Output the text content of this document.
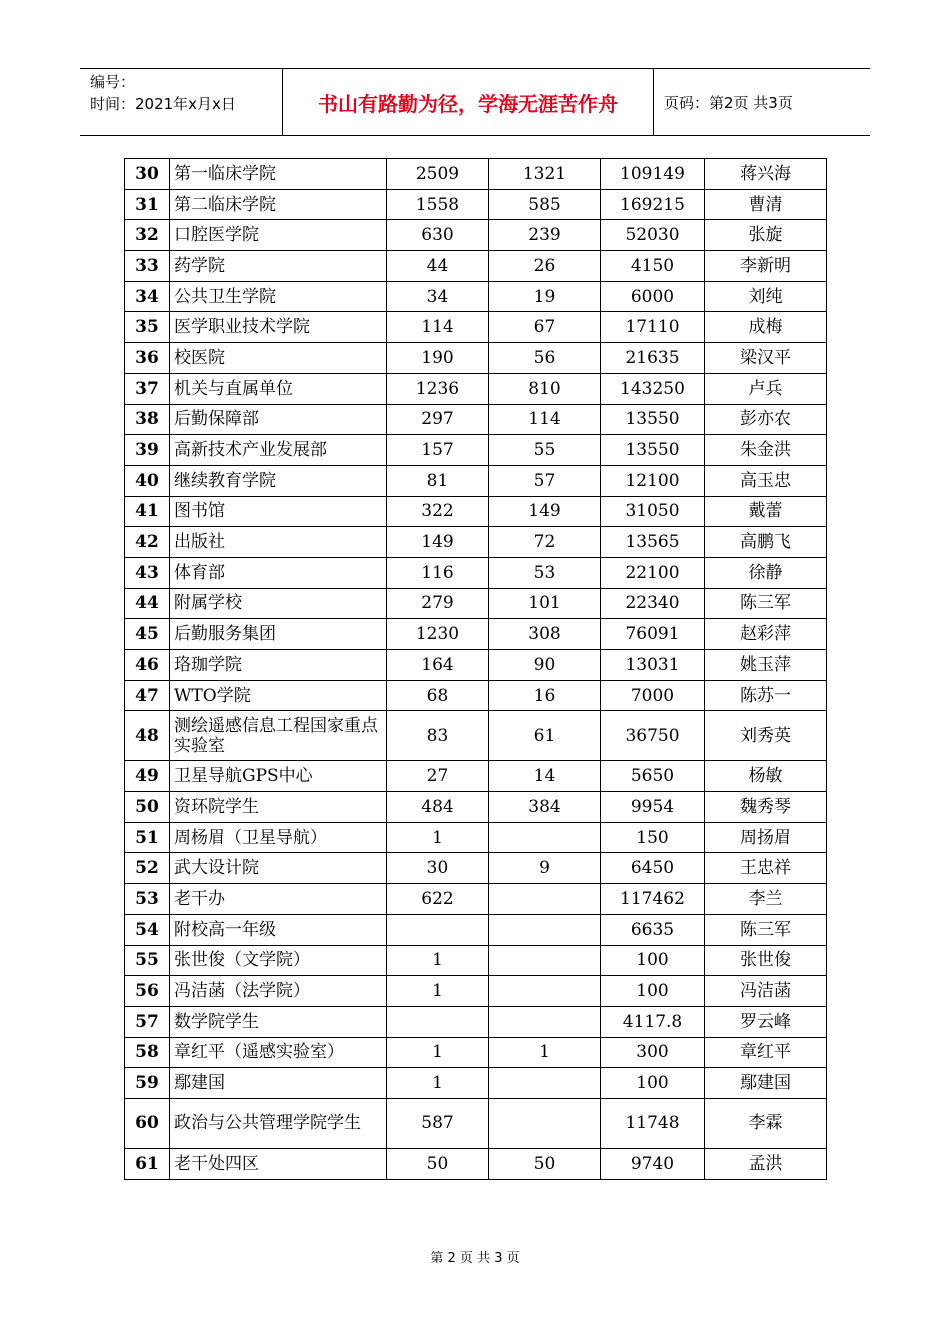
编号：
时间：2021年x月x日	书山有路勤为径，学海无涯苦作舟	页码：第2页 共3页
30	第一临床学院	2509	1321	109149	蒋兴海
31	第二临床学院	1558	585	169215	曹清
32	口腔医学院	630	239	52030	张旋
33	药学院	44	26	4150	李新明
34	公共卫生学院	34	19	6000	刘纯
35	医学职业技术学院	114	67	17110	成梅
36	校医院	190	56	21635	梁汉平
37	机关与直属单位	1236	810	143250	卢兵
38	后勤保障部	297	114	13550	彭亦农
39	高新技术产业发展部	157	55	13550	朱金洪
40	继续教育学院	81	57	12100	高玉忠
41	图书馆	322	149	31050	戴蕾
42	出版社	149	72	13565	高鹏飞
43	体育部	116	53	22100	徐静
44	附属学校	279	101	22340	陈三军
45	后勤服务集团	1230	308	76091	赵彩萍
46	珞珈学院	164	90	13031	姚玉萍
47	WTO学院	68	16	7000	陈苏一
48	测绘遥感信息工程国家重点实验室	83	61	36750	刘秀英
49	卫星导航GPS中心	27	14	5650	杨敏
50	资环院学生	484	384	9954	魏秀琴
51	周杨眉（卫星导航）	1		150	周扬眉
52	武大设计院	30	9	6450	王忠祥
53	老干办	622		117462	李兰
54	附校高一年级			6635	陈三军
55	张世俊（文学院）	1		100	张世俊
56	冯洁菡（法学院）	1		100	冯洁菡
57	数学院学生			4117.8	罗云峰
58	章红平（遥感实验室）	1	1	300	章红平
59	鄢建国	1		100	鄢建国
60	政治与公共管理学院学生	587		11748	李霖
61	老干处四区	50	50	9740	孟洪
第 2 页 共 3 页
